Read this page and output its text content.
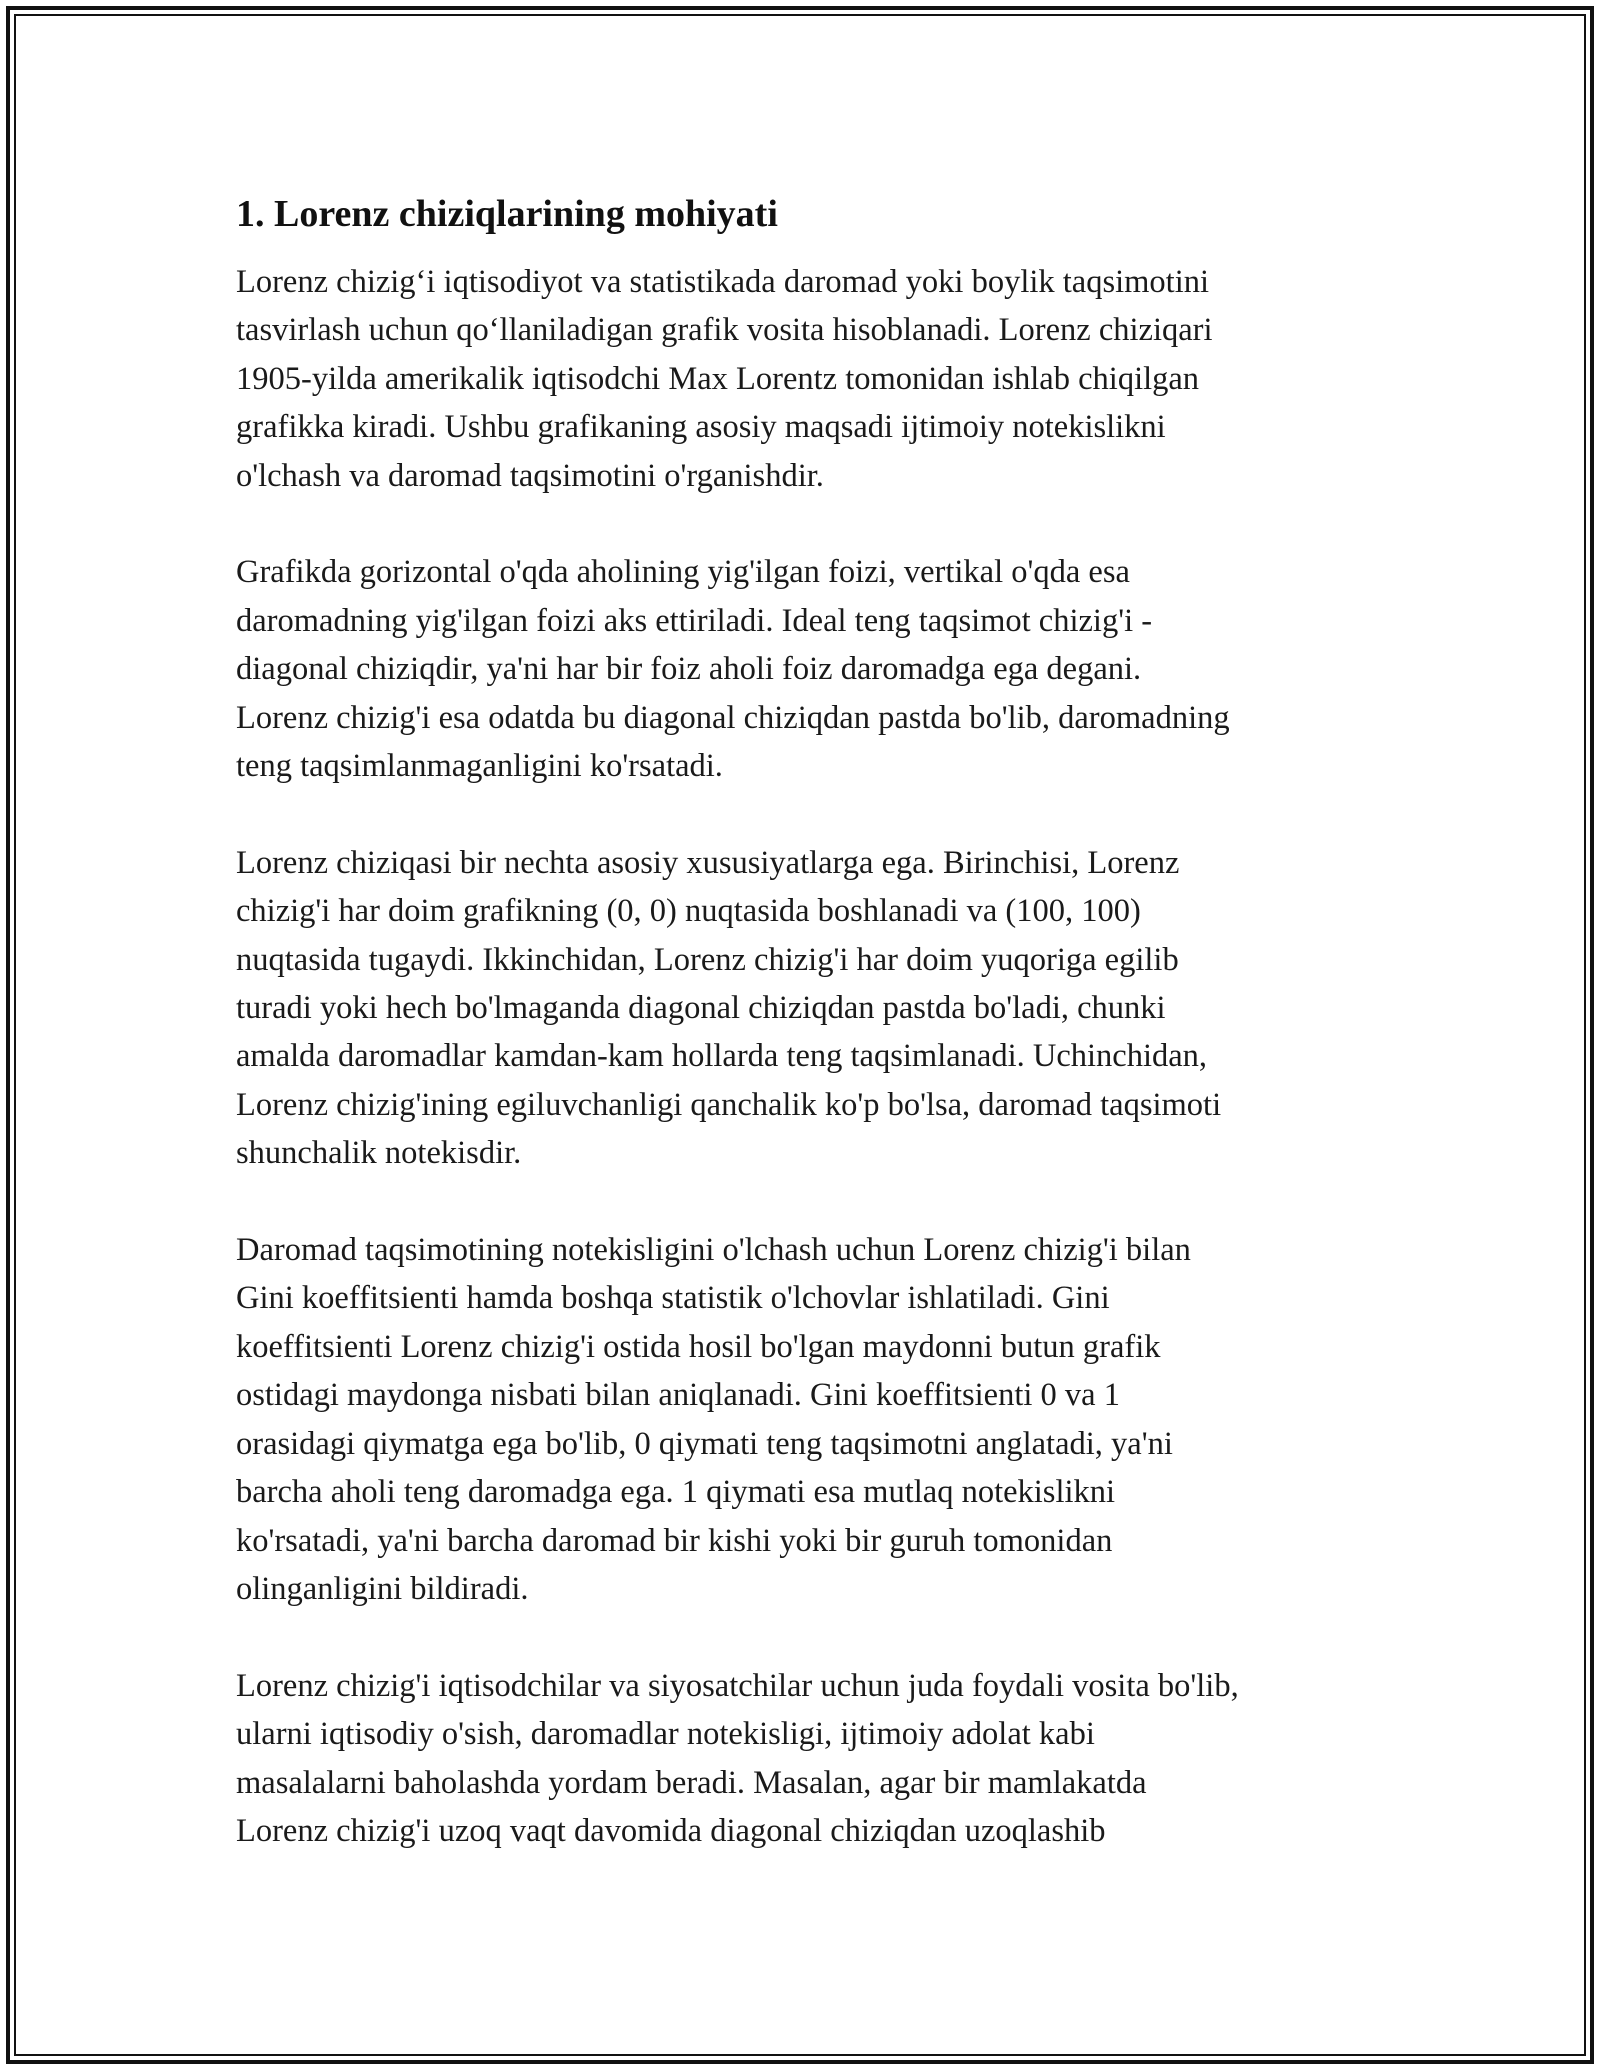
1. Lorenz chiziqlarining mohiyati

Lorenz chizig‘i iqtisodiyot va statistikada daromad yoki boylik taqsimotini
tasvirlash uchun qo‘llaniladigan grafik vosita hisoblanadi. Lorenz chiziqari
1905-yilda amerikalik iqtisodchi Max Lorentz tomonidan ishlab chiqilgan
grafikka kiradi. Ushbu grafikaning asosiy maqsadi ijtimoiy notekislikni
o'lchash va daromad taqsimotini o'rganishdir.

Grafikda gorizontal o'qda aholining yig'ilgan foizi, vertikal o'qda esa
daromadning yig'ilgan foizi aks ettiriladi. Ideal teng taqsimot chizig'i -
diagonal chiziqdir, ya'ni har bir foiz aholi foiz daromadga ega degani.
Lorenz chizig'i esa odatda bu diagonal chiziqdan pastda bo'lib, daromadning
teng taqsimlanmaganligini ko'rsatadi.

Lorenz chiziqasi bir nechta asosiy xususiyatlarga ega. Birinchisi, Lorenz
chizig'i har doim grafikning (0, 0) nuqtasida boshlanadi va (100, 100)
nuqtasida tugaydi. Ikkinchidan, Lorenz chizig'i har doim yuqoriga egilib
turadi yoki hech bo'lmaganda diagonal chiziqdan pastda bo'ladi, chunki
amalda daromadlar kamdan-kam hollarda teng taqsimlanadi. Uchinchidan,
Lorenz chizig'ining egiluvchanligi qanchalik ko'p bo'lsa, daromad taqsimoti
shunchalik notekisdir.

Daromad taqsimotining notekisligini o'lchash uchun Lorenz chizig'i bilan
Gini koeffitsienti hamda boshqa statistik o'lchovlar ishlatiladi. Gini
koeffitsienti Lorenz chizig'i ostida hosil bo'lgan maydonni butun grafik
ostidagi maydonga nisbati bilan aniqlanadi. Gini koeffitsienti 0 va 1
orasidagi qiymatga ega bo'lib, 0 qiymati teng taqsimotni anglatadi, ya'ni
barcha aholi teng daromadga ega. 1 qiymati esa mutlaq notekislikni
ko'rsatadi, ya'ni barcha daromad bir kishi yoki bir guruh tomonidan
olinganligini bildiradi.

Lorenz chizig'i iqtisodchilar va siyosatchilar uchun juda foydali vosita bo'lib,
ularni iqtisodiy o'sish, daromadlar notekisligi, ijtimoiy adolat kabi
masalalarni baholashda yordam beradi. Masalan, agar bir mamlakatda
Lorenz chizig'i uzoq vaqt davomida diagonal chiziqdan uzoqlashib
